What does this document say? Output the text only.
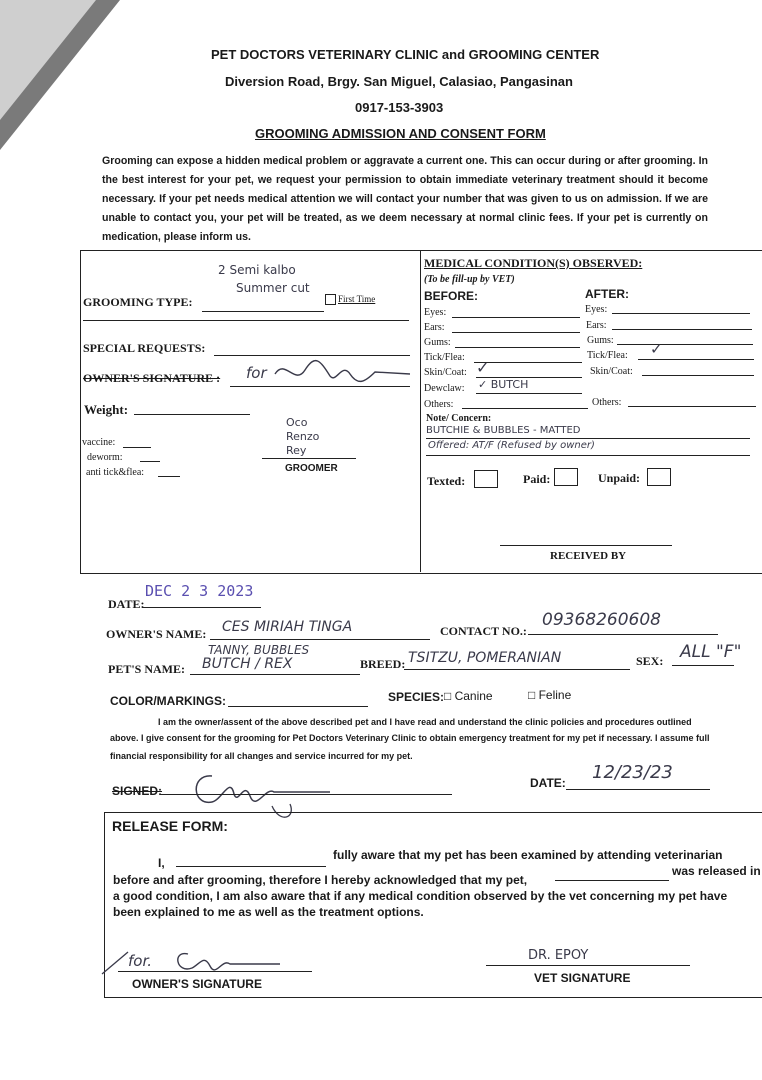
PET DOCTORS VETERINARY CLINIC and GROOMING CENTER
Diversion Road, Brgy. San Miguel, Calasiao, Pangasinan
0917-153-3903
GROOMING ADMISSION AND CONSENT FORM
Grooming can expose a hidden medical problem or aggravate a current one. This can occur during or after grooming. In the best interest for your pet, we request your permission to obtain immediate veterinary treatment should it become necessary. If your pet needs medical attention we will contact your number that was given to us on admission. If we are unable to contact you, your pet will be treated, as we deem necessary at normal clinic fees. If your pet is currently on medication, please inform us.
2 Semi kalbo
Summer cut
GROOMING TYPE:	First Time
SPECIAL REQUESTS:
OWNER'S SIGNATURE : for
Weight:
vaccine:
deworm:
anti tick&flea:
Oco
Renzo
Rey
GROOMER
MEDICAL CONDITION(S) OBSERVED:
(To be fill-up by VET)
BEFORE:	AFTER:
Eyes:
Ears:
Gums:
Tick/Flea:
Skin/Coat: ✓
Dewclaw: ✓ BUTCH
Others:
Eyes:
Ears:
Gums:
Tick/Flea: ✓
Skin/Coat:
Others:
Note/ Concern:
BUTCHIE & BUBBLES - MATTED
Offered: AT/F (Refused by owner)
Texted:	Paid:	Unpaid:
RECEIVED BY
DATE:
DEC 2 3 2023
OWNER'S NAME: CES MIRIAH TINGA	CONTACT NO.:
09368260608
TANNY, BUBBLES
PET'S NAME: BUTCH / REX	BREED: TSITZU, POMERANIAN	SEX: ALL "F"
COLOR/MARKINGS:	SPECIES: □ Canine	□ Feline
I am the owner/assent of the above described pet and I have read and understand the clinic policies and procedures outlined
above. I give consent for the grooming for Pet Doctors Veterinary Clinic to obtain emergency treatment for my pet if necessary. I assume full
financial responsibility for all changes and service incurred for my pet.
SIGNED:
DATE: 12/23/23
RELEASE FORM:
I,
fully aware that my pet has been examined by attending veterinarian
before and after grooming, therefore I hereby acknowledged that my pet,
was released in
a good condition, I am also aware that if any medical condition observed by the vet concerning my pet have
been explained to me as well as the treatment options.
for.
OWNER'S SIGNATURE
DR. EPOY
VET SIGNATURE
